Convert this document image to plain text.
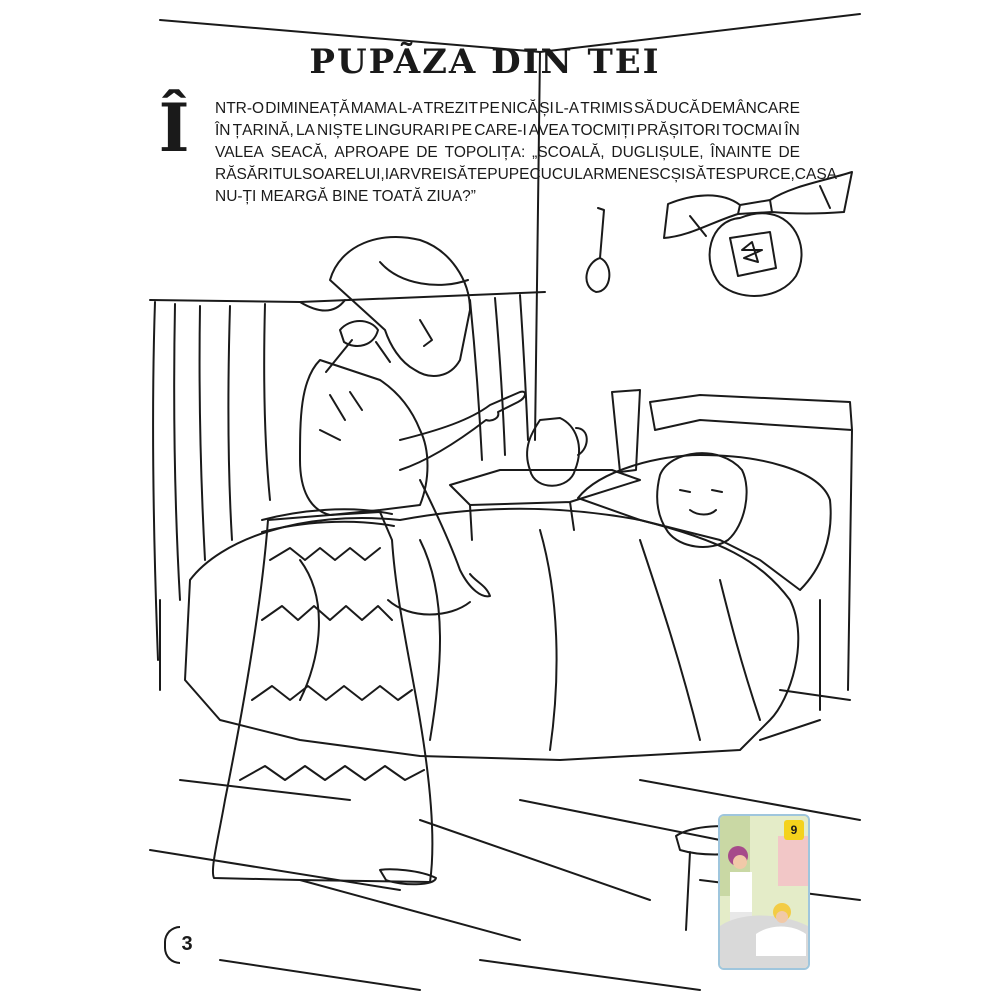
PUPÃZA DIN TEI
Î	NTR-O DIMINEAȚĂ MAMA L-A TREZIT PE NICĂ ȘI L-A TRIMIS SĂ DUCĂ DEMÂNCARE
ÎN ȚARINĂ, LA NIȘTE LINGURARI PE CARE-I AVEA TOCMIȚI PRĂȘITORI TOCMAI ÎN
VALEA SEACĂ, APROAPE DE TOPOLIȚA: „SCOALĂ, DUGLIȘULE, ÎNAINTE DE
RĂSĂRITUL SOARELUI, IAR VREI SĂ TE PUPE CUCUL ARMENESC ȘI SĂ TE SPURCE, CA SA
NU-ȚI MEARGĂ BINE TOATĂ ZIUA?”
3
9
